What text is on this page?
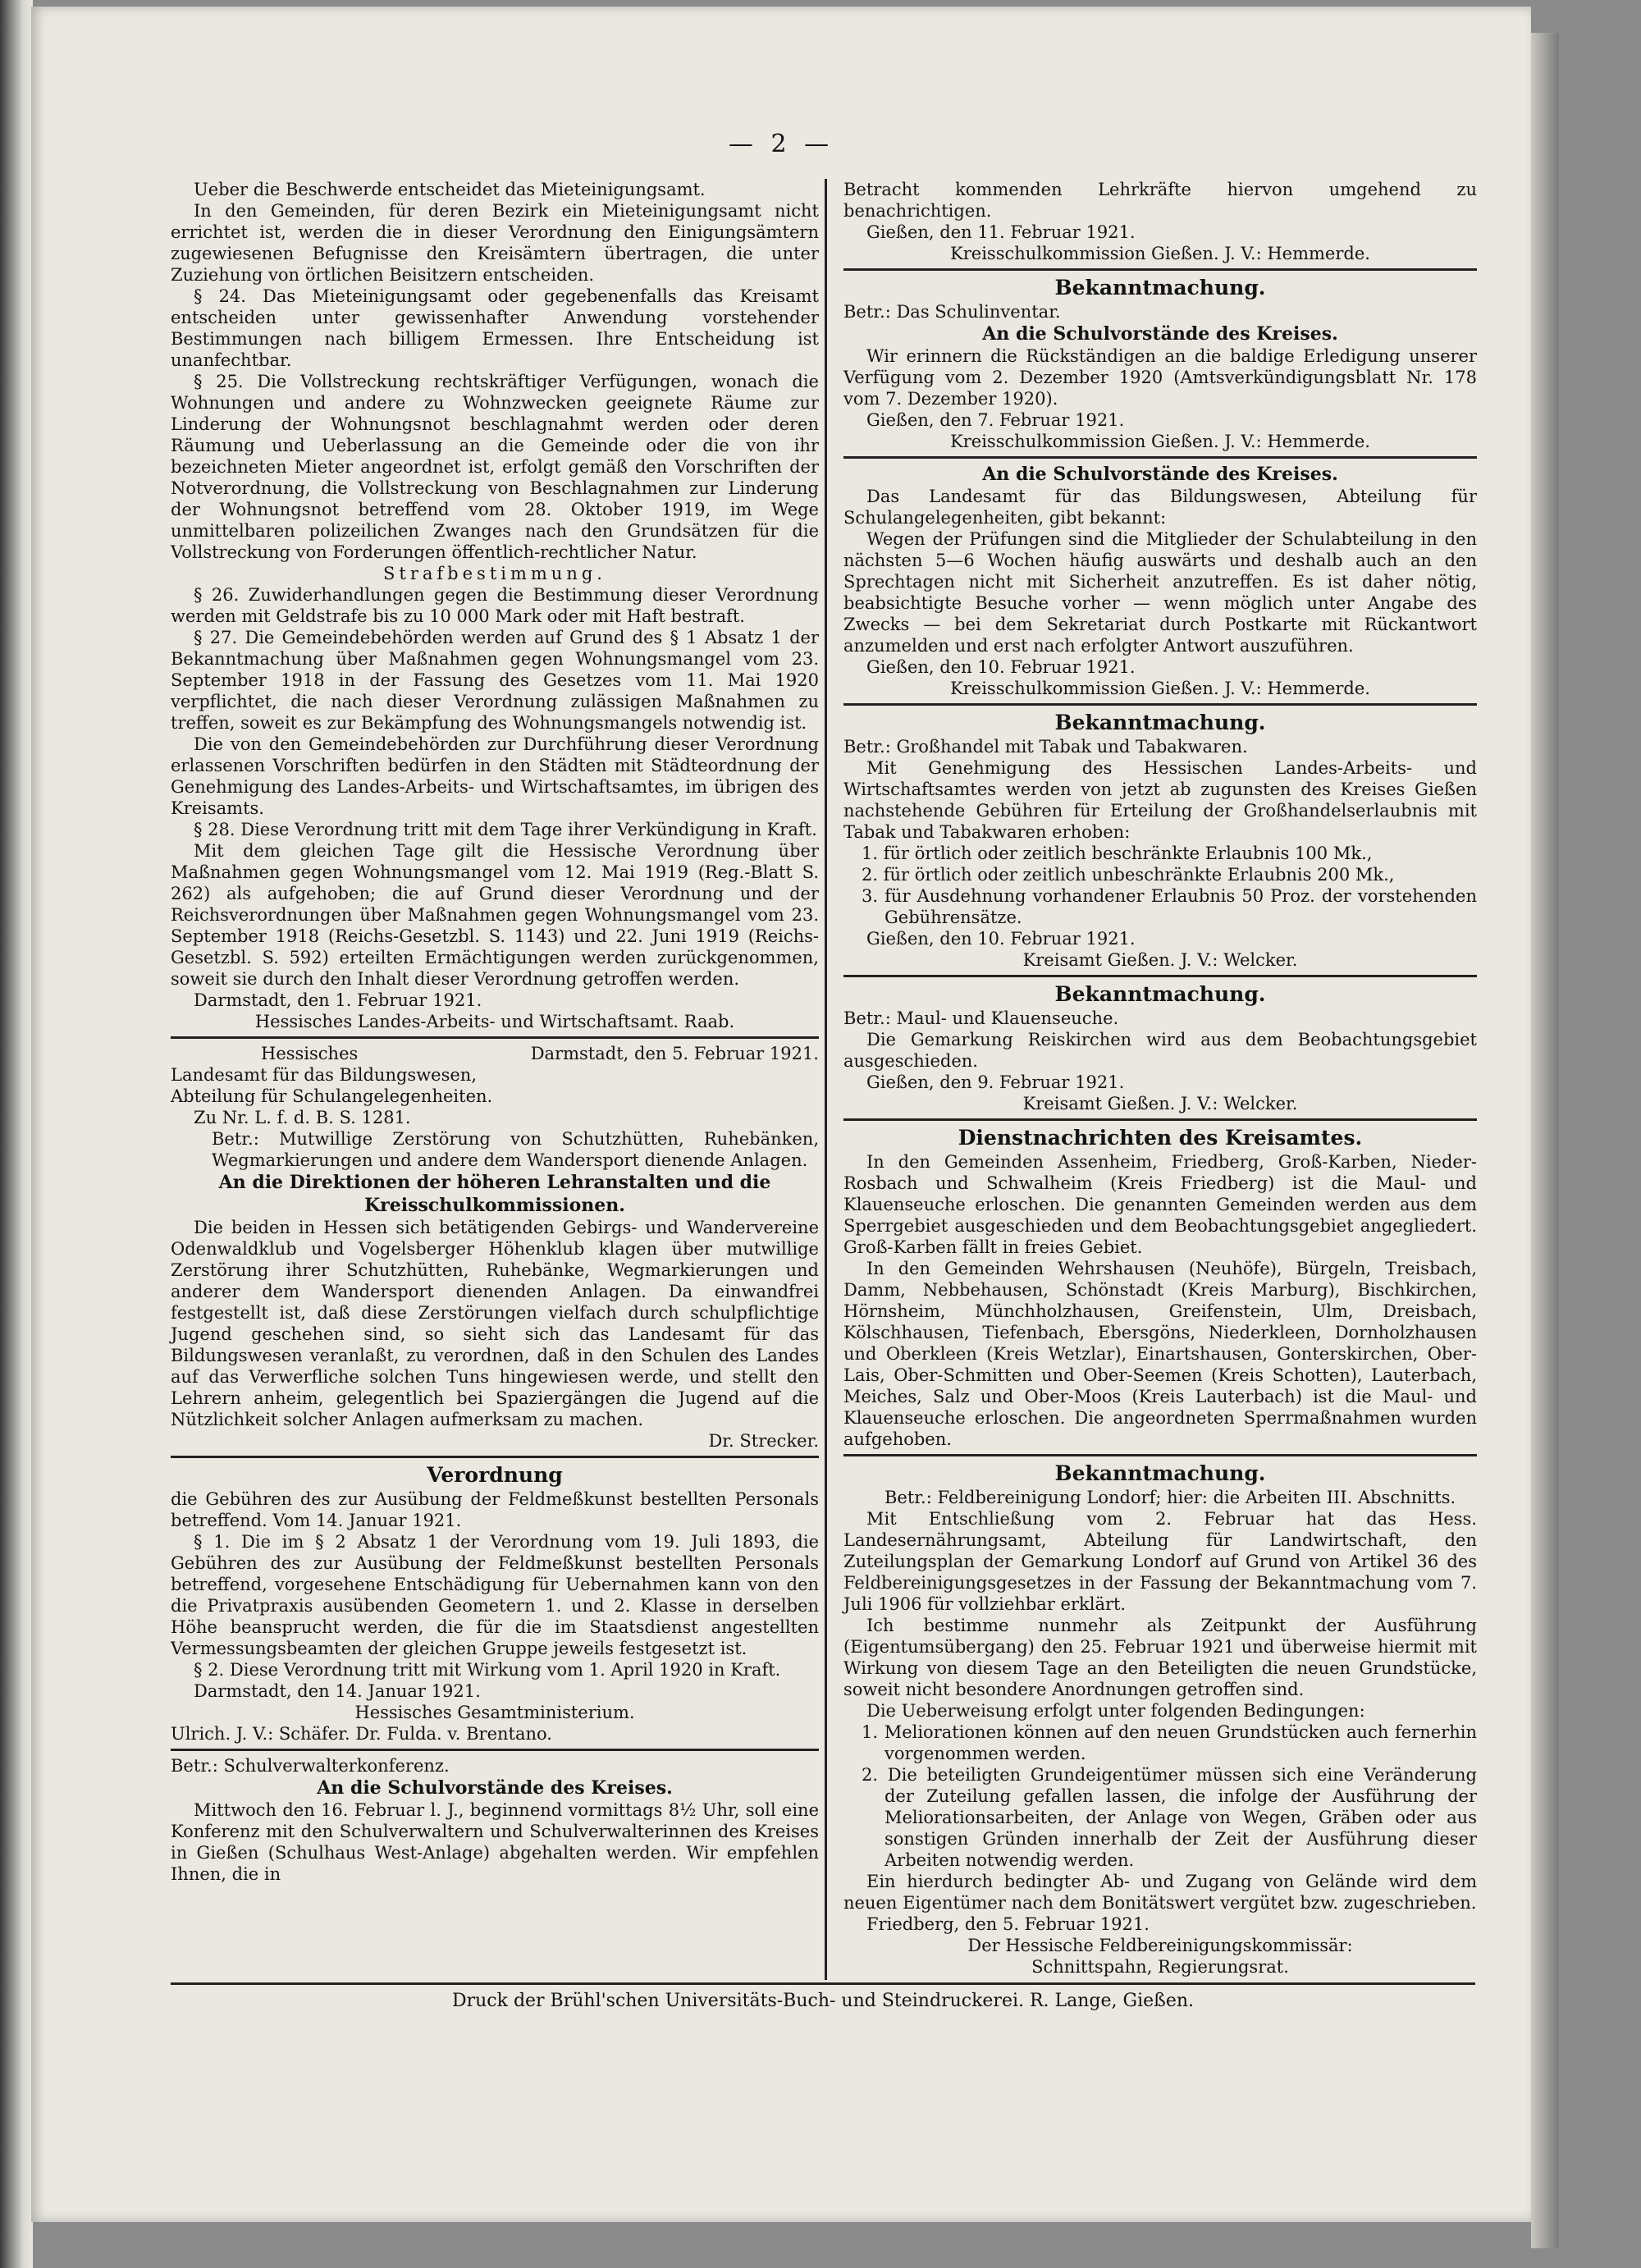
— 2 —

Ueber die Beschwerde entscheidet das Mieteinigungsamt.

In den Gemeinden, für deren Bezirk ein Mieteinigungsamt nicht errichtet ist, werden die in dieser Verordnung den Einigungsämtern zugewiesenen Befugnisse den Kreisämtern übertragen, die unter Zuziehung von örtlichen Beisitzern entscheiden.

§ 24. Das Mieteinigungsamt oder gegebenenfalls das Kreisamt entscheiden unter gewissenhafter Anwendung vorstehender Bestimmungen nach billigem Ermessen. Ihre Entscheidung ist unanfechtbar.

§ 25. Die Vollstreckung rechtskräftiger Verfügungen, wonach die Wohnungen und andere zu Wohnzwecken geeignete Räume zur Linderung der Wohnungsnot beschlagnahmt werden oder deren Räumung und Ueberlassung an die Gemeinde oder die von ihr bezeichneten Mieter angeordnet ist, erfolgt gemäß den Vorschriften der Notverordnung, die Vollstreckung von Beschlagnahmen zur Linderung der Wohnungsnot betreffend vom 28. Oktober 1919, im Wege unmittelbaren polizeilichen Zwanges nach den Grundsätzen für die Vollstreckung von Forderungen öffentlich-rechtlicher Natur.

Strafbestimmung.

§ 26. Zuwiderhandlungen gegen die Bestimmung dieser Verordnung werden mit Geldstrafe bis zu 10 000 Mark oder mit Haft bestraft.

§ 27. Die Gemeindebehörden werden auf Grund des § 1 Absatz 1 der Bekanntmachung über Maßnahmen gegen Wohnungsmangel vom 23. September 1918 in der Fassung des Gesetzes vom 11. Mai 1920 verpflichtet, die nach dieser Verordnung zulässigen Maßnahmen zu treffen, soweit es zur Bekämpfung des Wohnungsmangels notwendig ist.

Die von den Gemeindebehörden zur Durchführung dieser Verordnung erlassenen Vorschriften bedürfen in den Städten mit Städteordnung der Genehmigung des Landes-Arbeits- und Wirtschaftsamtes, im übrigen des Kreisamts.

§ 28. Diese Verordnung tritt mit dem Tage ihrer Verkündigung in Kraft.

Mit dem gleichen Tage gilt die Hessische Verordnung über Maßnahmen gegen Wohnungsmangel vom 12. Mai 1919 (Reg.-Blatt S. 262) als aufgehoben; die auf Grund dieser Verordnung und der Reichsverordnungen über Maßnahmen gegen Wohnungsmangel vom 23. September 1918 (Reichs-Gesetzbl. S. 1143) und 22. Juni 1919 (Reichs-Gesetzbl. S. 592) erteilten Ermächtigungen werden zurückgenommen, soweit sie durch den Inhalt dieser Verordnung getroffen werden.

Darmstadt, den 1. Februar 1921.

Hessisches Landes-Arbeits- und Wirtschaftsamt. Raab.

Hessisches	Darmstadt, den 5. Februar 1921.

Landesamt für das Bildungswesen,

Abteilung für Schulangelegenheiten.

Zu Nr. L. f. d. B. S. 1281.

Betr.: Mutwillige Zerstörung von Schutzhütten, Ruhebänken, Wegmarkierungen und andere dem Wandersport dienende Anlagen.

An die Direktionen der höheren Lehranstalten und die Kreisschulkommissionen.

Die beiden in Hessen sich betätigenden Gebirgs- und Wandervereine Odenwaldklub und Vogelsberger Höhenklub klagen über mutwillige Zerstörung ihrer Schutzhütten, Ruhebänke, Wegmarkierungen und anderer dem Wandersport dienenden Anlagen. Da einwandfrei festgestellt ist, daß diese Zerstörungen vielfach durch schulpflichtige Jugend geschehen sind, so sieht sich das Landesamt für das Bildungswesen veranlaßt, zu verordnen, daß in den Schulen des Landes auf das Verwerfliche solchen Tuns hingewiesen werde, und stellt den Lehrern anheim, gelegentlich bei Spaziergängen die Jugend auf die Nützlichkeit solcher Anlagen aufmerksam zu machen.

Dr. Strecker.

Verordnung

die Gebühren des zur Ausübung der Feldmeßkunst bestellten Personals betreffend. Vom 14. Januar 1921.

§ 1. Die im § 2 Absatz 1 der Verordnung vom 19. Juli 1893, die Gebühren des zur Ausübung der Feldmeßkunst bestellten Personals betreffend, vorgesehene Entschädigung für Uebernahmen kann von den die Privatpraxis ausübenden Geometern 1. und 2. Klasse in derselben Höhe beansprucht werden, die für die im Staatsdienst angestellten Vermessungsbeamten der gleichen Gruppe jeweils festgesetzt ist.

§ 2. Diese Verordnung tritt mit Wirkung vom 1. April 1920 in Kraft.

Darmstadt, den 14. Januar 1921.

Hessisches Gesamtministerium.

Ulrich. J. V.: Schäfer. Dr. Fulda. v. Brentano.

Betr.: Schulverwalterkonferenz.

An die Schulvorstände des Kreises.

Mittwoch den 16. Februar l. J., beginnend vormittags 8½ Uhr, soll eine Konferenz mit den Schulverwaltern und Schulverwalterinnen des Kreises in Gießen (Schulhaus West-Anlage) abgehalten werden. Wir empfehlen Ihnen, die in

Betracht kommenden Lehrkräfte hiervon umgehend zu benachrichtigen.

Gießen, den 11. Februar 1921.

Kreisschulkommission Gießen. J. V.: Hemmerde.

Bekanntmachung.

Betr.: Das Schulinventar.

An die Schulvorstände des Kreises.

Wir erinnern die Rückständigen an die baldige Erledigung unserer Verfügung vom 2. Dezember 1920 (Amtsverkündigungsblatt Nr. 178 vom 7. Dezember 1920).

Gießen, den 7. Februar 1921.

Kreisschulkommission Gießen. J. V.: Hemmerde.

An die Schulvorstände des Kreises.

Das Landesamt für das Bildungswesen, Abteilung für Schulangelegenheiten, gibt bekannt:

Wegen der Prüfungen sind die Mitglieder der Schulabteilung in den nächsten 5—6 Wochen häufig auswärts und deshalb auch an den Sprechtagen nicht mit Sicherheit anzutreffen. Es ist daher nötig, beabsichtigte Besuche vorher — wenn möglich unter Angabe des Zwecks — bei dem Sekretariat durch Postkarte mit Rückantwort anzumelden und erst nach erfolgter Antwort auszuführen.

Gießen, den 10. Februar 1921.

Kreisschulkommission Gießen. J. V.: Hemmerde.

Bekanntmachung.

Betr.: Großhandel mit Tabak und Tabakwaren.

Mit Genehmigung des Hessischen Landes-Arbeits- und Wirtschaftsamtes werden von jetzt ab zugunsten des Kreises Gießen nachstehende Gebühren für Erteilung der Großhandelserlaubnis mit Tabak und Tabakwaren erhoben:

1. für örtlich oder zeitlich beschränkte Erlaubnis 100 Mk.,

2. für örtlich oder zeitlich unbeschränkte Erlaubnis 200 Mk.,

3. für Ausdehnung vorhandener Erlaubnis 50 Proz. der vorstehenden Gebührensätze.

Gießen, den 10. Februar 1921.

Kreisamt Gießen. J. V.: Welcker.

Bekanntmachung.

Betr.: Maul- und Klauenseuche.

Die Gemarkung Reiskirchen wird aus dem Beobachtungsgebiet ausgeschieden.

Gießen, den 9. Februar 1921.

Kreisamt Gießen. J. V.: Welcker.

Dienstnachrichten des Kreisamtes.

In den Gemeinden Assenheim, Friedberg, Groß-Karben, Nieder-Rosbach und Schwalheim (Kreis Friedberg) ist die Maul- und Klauenseuche erloschen. Die genannten Gemeinden werden aus dem Sperrgebiet ausgeschieden und dem Beobachtungsgebiet angegliedert. Groß-Karben fällt in freies Gebiet.

In den Gemeinden Wehrshausen (Neuhöfe), Bürgeln, Treisbach, Damm, Nebbehausen, Schönstadt (Kreis Marburg), Bischkirchen, Hörnsheim, Münchholzhausen, Greifenstein, Ulm, Dreisbach, Kölschhausen, Tiefenbach, Ebersgöns, Niederkleen, Dornholzhausen und Oberkleen (Kreis Wetzlar), Einartshausen, Gonterskirchen, Ober-Lais, Ober-Schmitten und Ober-Seemen (Kreis Schotten), Lauterbach, Meiches, Salz und Ober-Moos (Kreis Lauterbach) ist die Maul- und Klauenseuche erloschen. Die angeordneten Sperrmaßnahmen wurden aufgehoben.

Bekanntmachung.

Betr.: Feldbereinigung Londorf; hier: die Arbeiten III. Abschnitts.

Mit Entschließung vom 2. Februar hat das Hess. Landesernährungsamt, Abteilung für Landwirtschaft, den Zuteilungsplan der Gemarkung Londorf auf Grund von Artikel 36 des Feldbereinigungsgesetzes in der Fassung der Bekanntmachung vom 7. Juli 1906 für vollziehbar erklärt.

Ich bestimme nunmehr als Zeitpunkt der Ausführung (Eigentumsübergang) den 25. Februar 1921 und überweise hiermit mit Wirkung von diesem Tage an den Beteiligten die neuen Grundstücke, soweit nicht besondere Anordnungen getroffen sind.

Die Ueberweisung erfolgt unter folgenden Bedingungen:

1. Meliorationen können auf den neuen Grundstücken auch fernerhin vorgenommen werden.

2. Die beteiligten Grundeigentümer müssen sich eine Veränderung der Zuteilung gefallen lassen, die infolge der Ausführung der Meliorationsarbeiten, der Anlage von Wegen, Gräben oder aus sonstigen Gründen innerhalb der Zeit der Ausführung dieser Arbeiten notwendig werden.

Ein hierdurch bedingter Ab- und Zugang von Gelände wird dem neuen Eigentümer nach dem Bonitätswert vergütet bzw. zugeschrieben.

Friedberg, den 5. Februar 1921.

Der Hessische Feldbereinigungskommissär:

Schnittspahn, Regierungsrat.

Druck der Brühl'schen Universitäts-Buch- und Steindruckerei. R. Lange, Gießen.
